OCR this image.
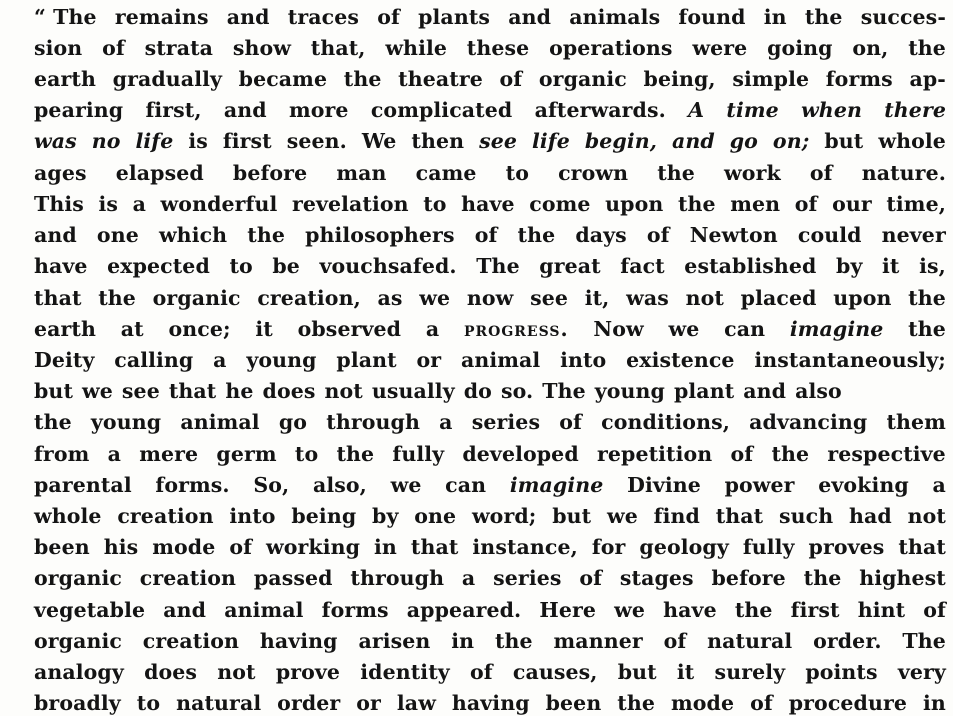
“ The remains and traces of plants and animals found in the succes-
sion of strata show that, while these operations were going on, the
earth gradually became the theatre of organic being, simple forms ap-
pearing first, and more complicated afterwards. A time when there
was no life is first seen. We then see life begin, and go on; but whole
ages elapsed before man came to crown the work of nature.
This is a wonderful revelation to have come upon the men of our time,
and one which the philosophers of the days of Newton could never
have expected to be vouchsafed. The great fact established by it is,
that the organic creation, as we now see it, was not placed upon the
earth at once; it observed a progress. Now we can imagine the
Deity calling a young plant or animal into existence instantaneously;
but we see that he does not usually do so. The young plant and also
the young animal go through a series of conditions, advancing them
from a mere germ to the fully developed repetition of the respective
parental forms. So, also, we can imagine Divine power evoking a
whole creation into being by one word; but we find that such had not
been his mode of working in that instance, for geology fully proves that
organic creation passed through a series of stages before the highest
vegetable and animal forms appeared. Here we have the first hint of
organic creation having arisen in the manner of natural order. The
analogy does not prove identity of causes, but it surely points very
broadly to natural order or law having been the mode of procedure in
